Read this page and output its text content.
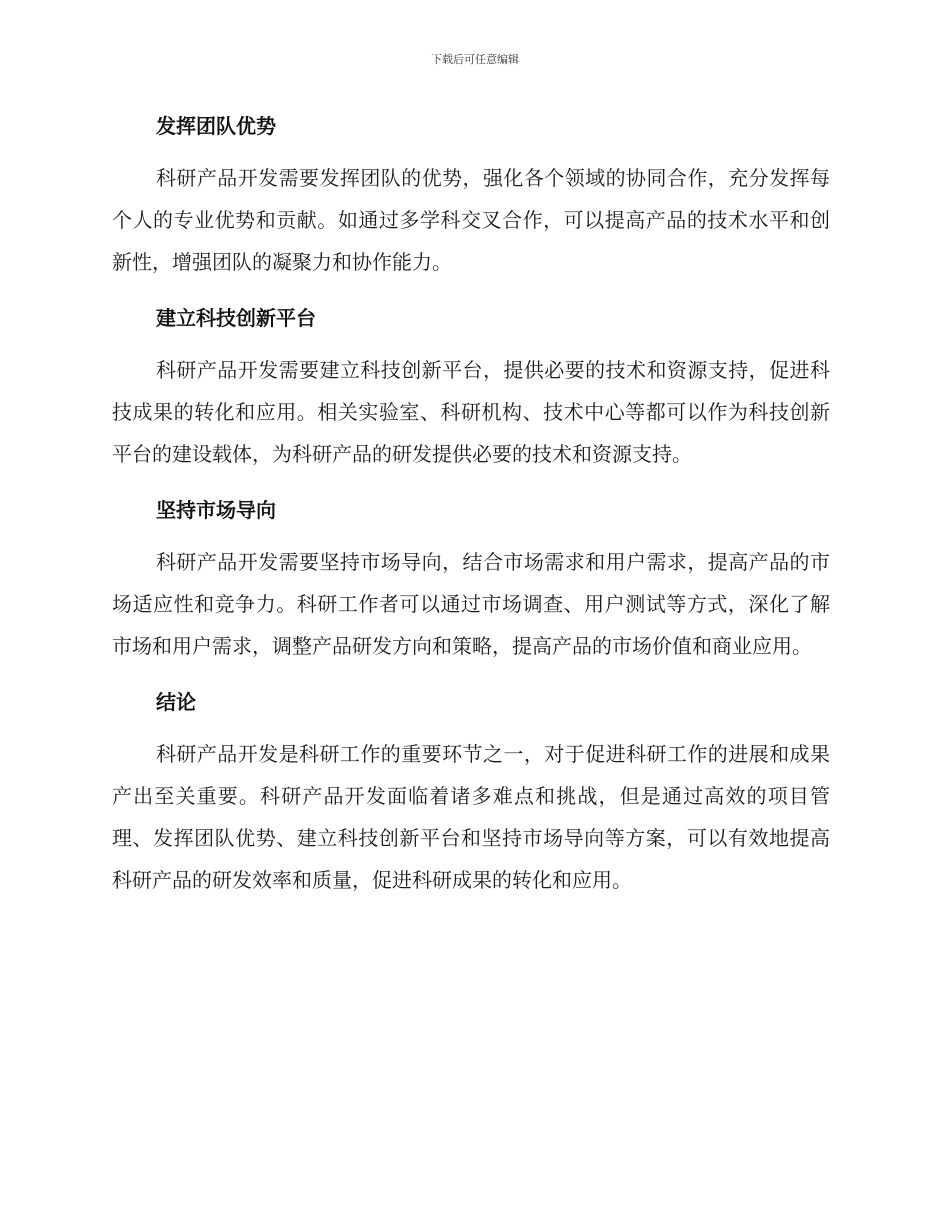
下载后可任意编辑
发挥团队优势

科研产品开发需要发挥团队的优势，强化各个领域的协同合作，充分发挥每个人的专业优势和贡献。如通过多学科交叉合作，可以提高产品的技术水平和创新性，增强团队的凝聚力和协作能力。

建立科技创新平台

科研产品开发需要建立科技创新平台，提供必要的技术和资源支持，促进科技成果的转化和应用。相关实验室、科研机构、技术中心等都可以作为科技创新平台的建设载体，为科研产品的研发提供必要的技术和资源支持。

坚持市场导向

科研产品开发需要坚持市场导向，结合市场需求和用户需求，提高产品的市场适应性和竞争力。科研工作者可以通过市场调查、用户测试等方式，深化了解市场和用户需求，调整产品研发方向和策略，提高产品的市场价值和商业应用。

结论

科研产品开发是科研工作的重要环节之一，对于促进科研工作的进展和成果产出至关重要。科研产品开发面临着诸多难点和挑战，但是通过高效的项目管理、发挥团队优势、建立科技创新平台和坚持市场导向等方案，可以有效地提高科研产品的研发效率和质量，促进科研成果的转化和应用。
